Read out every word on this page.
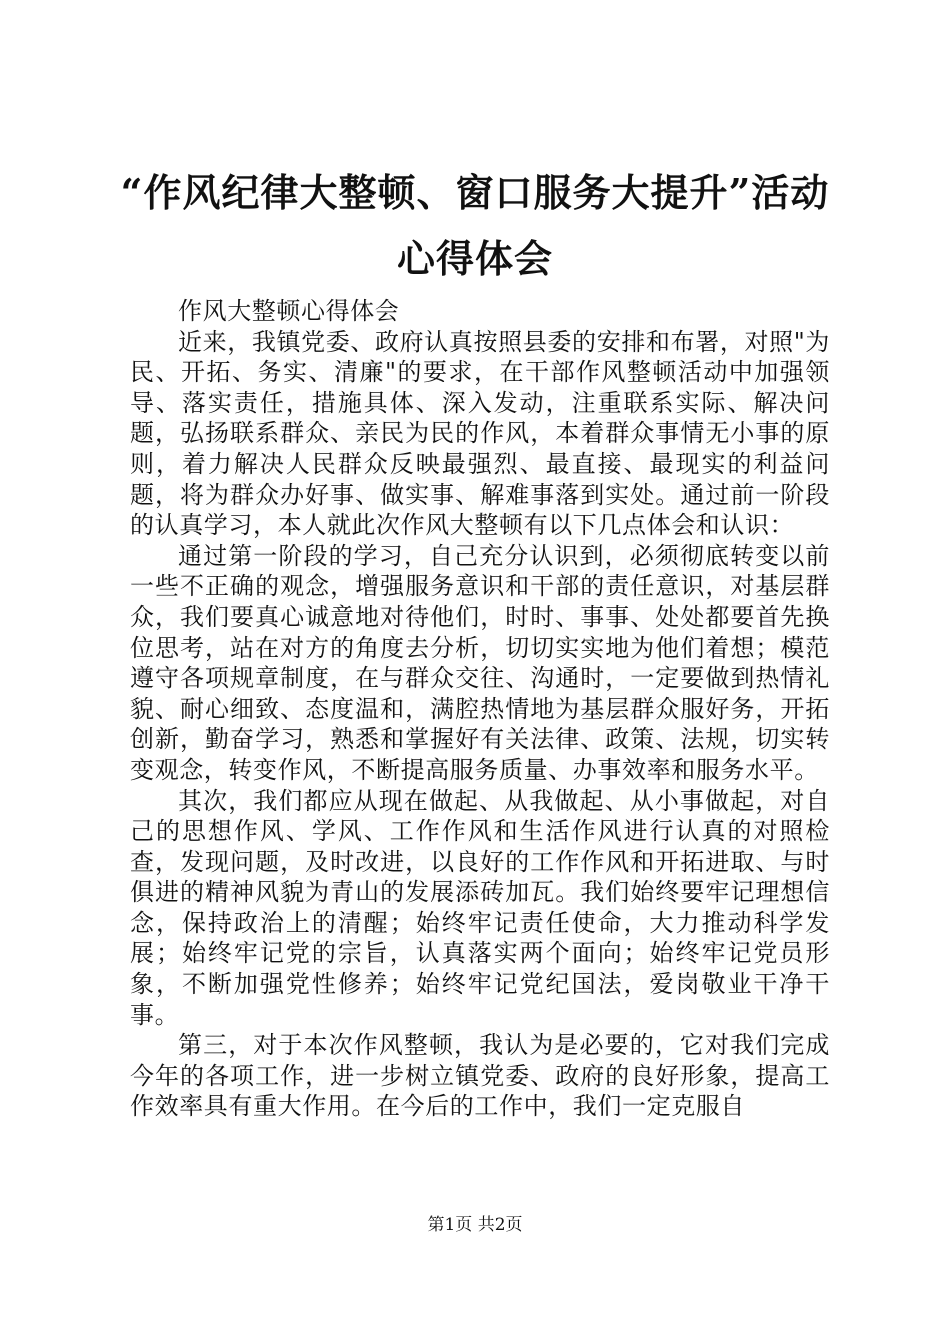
“作风纪律大整顿、窗口服务大提升”活动心得体会

作风大整顿心得体会

近来，我镇党委、政府认真按照县委的安排和布署，对照"为民、开拓、务实、清廉"的要求，在干部作风整顿活动中加强领导、落实责任，措施具体、深入发动，注重联系实际、解决问题，弘扬联系群众、亲民为民的作风，本着群众事情无小事的原则，着力解决人民群众反映最强烈、最直接、最现实的利益问题，将为群众办好事、做实事、解难事落到实处。通过前一阶段的认真学习，本人就此次作风大整顿有以下几点体会和认识：

通过第一阶段的学习，自己充分认识到，必须彻底转变以前一些不正确的观念，增强服务意识和干部的责任意识，对基层群众，我们要真心诚意地对待他们，时时、事事、处处都要首先换位思考，站在对方的角度去分析，切切实实地为他们着想；模范遵守各项规章制度，在与群众交往、沟通时，一定要做到热情礼貌、耐心细致、态度温和，满腔热情地为基层群众服好务，开拓创新，勤奋学习，熟悉和掌握好有关法律、政策、法规，切实转变观念，转变作风，不断提高服务质量、办事效率和服务水平。

其次，我们都应从现在做起、从我做起、从小事做起，对自己的思想作风、学风、工作作风和生活作风进行认真的对照检查，发现问题，及时改进，以良好的工作作风和开拓进取、与时俱进的精神风貌为青山的发展添砖加瓦。我们始终要牢记理想信念，保持政治上的清醒；始终牢记责任使命，大力推动科学发展；始终牢记党的宗旨，认真落实两个面向；始终牢记党员形象，不断加强党性修养；始终牢记党纪国法，爱岗敬业干净干事。

第三，对于本次作风整顿，我认为是必要的，它对我们完成今年的各项工作，进一步树立镇党委、政府的良好形象，提高工作效率具有重大作用。在今后的工作中，我们一定克服自

第1页 共2页
